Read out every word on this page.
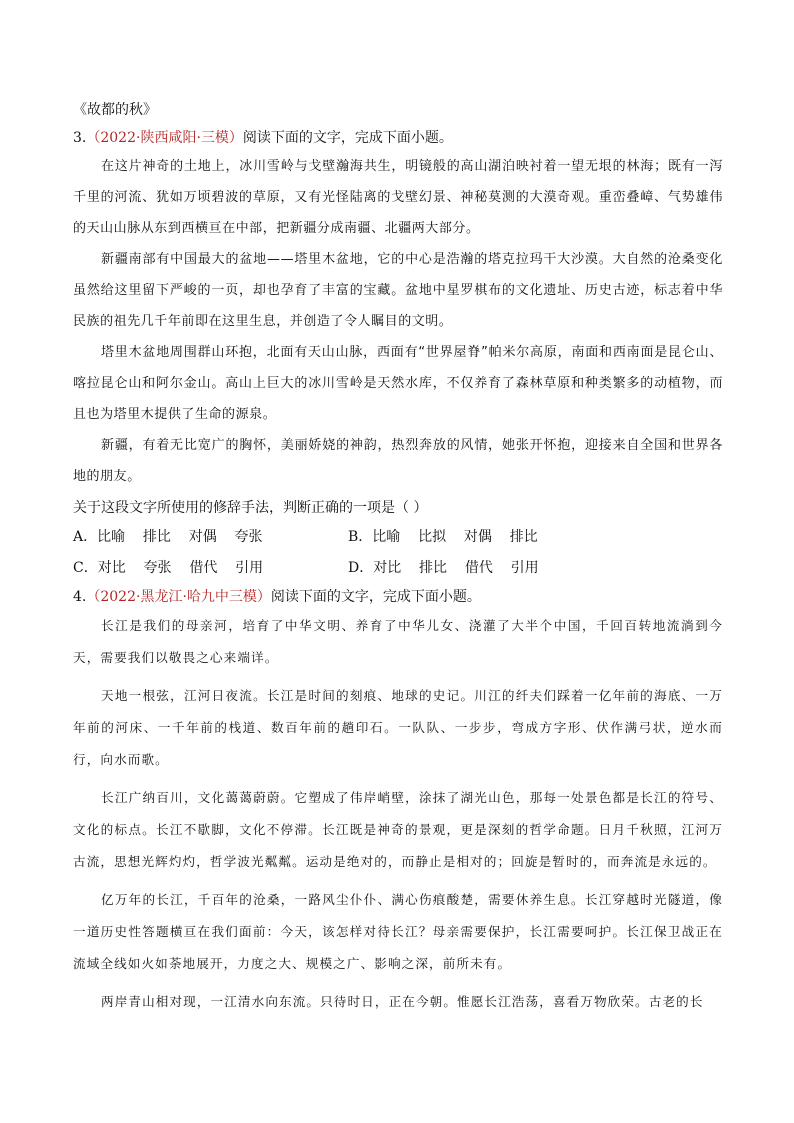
《故都的秋》
3.（2022·陕西咸阳·三模）阅读下面的文字，完成下面小题。

在这片神奇的土地上，冰川雪岭与戈壁瀚海共生，明镜般的高山湖泊映衬着一望无垠的林海；既有一泻千里的河流、犹如万顷碧波的草原，又有光怪陆离的戈壁幻景、神秘莫测的大漠奇观。重峦叠嶂、气势雄伟的天山山脉从东到西横亘在中部，把新疆分成南疆、北疆两大部分。

新疆南部有中国最大的盆地——塔里木盆地，它的中心是浩瀚的塔克拉玛干大沙漠。大自然的沧桑变化虽然给这里留下严峻的一页，却也孕育了丰富的宝藏。盆地中星罗棋布的文化遗址、历史古迹，标志着中华民族的祖先几千年前即在这里生息，并创造了令人瞩目的文明。

塔里木盆地周围群山环抱，北面有天山山脉，西面有“世界屋脊”帕米尔高原，南面和西南面是昆仑山、喀拉昆仑山和阿尔金山。高山上巨大的冰川雪岭是天然水库，不仅养育了森林草原和种类繁多的动植物，而且也为塔里木提供了生命的源泉。

新疆，有着无比宽广的胸怀，美丽娇娆的神韵，热烈奔放的风情，她张开怀抱，迎接来自全国和世界各地的朋友。

关于这段文字所使用的修辞手法，判断正确的一项是（ ）
A．比喻    排比    对偶    夸张	B．比喻    比拟    对偶    排比
C．对比    夸张    借代    引用	D．对比    排比    借代    引用
4.（2022·黑龙江·哈九中三模）阅读下面的文字，完成下面小题。

长江是我们的母亲河，培育了中华文明、养育了中华儿女、浇灌了大半个中国，千回百转地流淌到今天，需要我们以敬畏之心来端详。

天地一根弦，江河日夜流。长江是时间的刻痕、地球的史记。川江的纤夫们踩着一亿年前的海底、一万年前的河床、一千年前的栈道、数百年前的趟印石。一队队、一步步，弯成方字形、伏作满弓状，逆水而行，向水而歌。

长江广纳百川，文化蔼蔼蔚蔚。它塑成了伟岸峭壁，涂抹了湖光山色，那每一处景色都是长江的符号、文化的标点。长江不歇脚，文化不停滞。长江既是神奇的景观，更是深刻的哲学命题。日月千秋照，江河万古流，思想光辉灼灼，哲学波光粼粼。运动是绝对的，而静止是相对的；回旋是暂时的，而奔流是永远的。

亿万年的长江，千百年的沧桑，一路风尘仆仆、满心伤痕酸楚，需要休养生息。长江穿越时光隧道，像一道历史性答题横亘在我们面前：今天，该怎样对待长江？母亲需要保护，长江需要呵护。长江保卫战正在流域全线如火如荼地展开，力度之大、规模之广、影响之深，前所未有。

两岸青山相对现，一江清水向东流。只待时日，正在今朝。惟愿长江浩荡，喜看万物欣荣。古老的长
